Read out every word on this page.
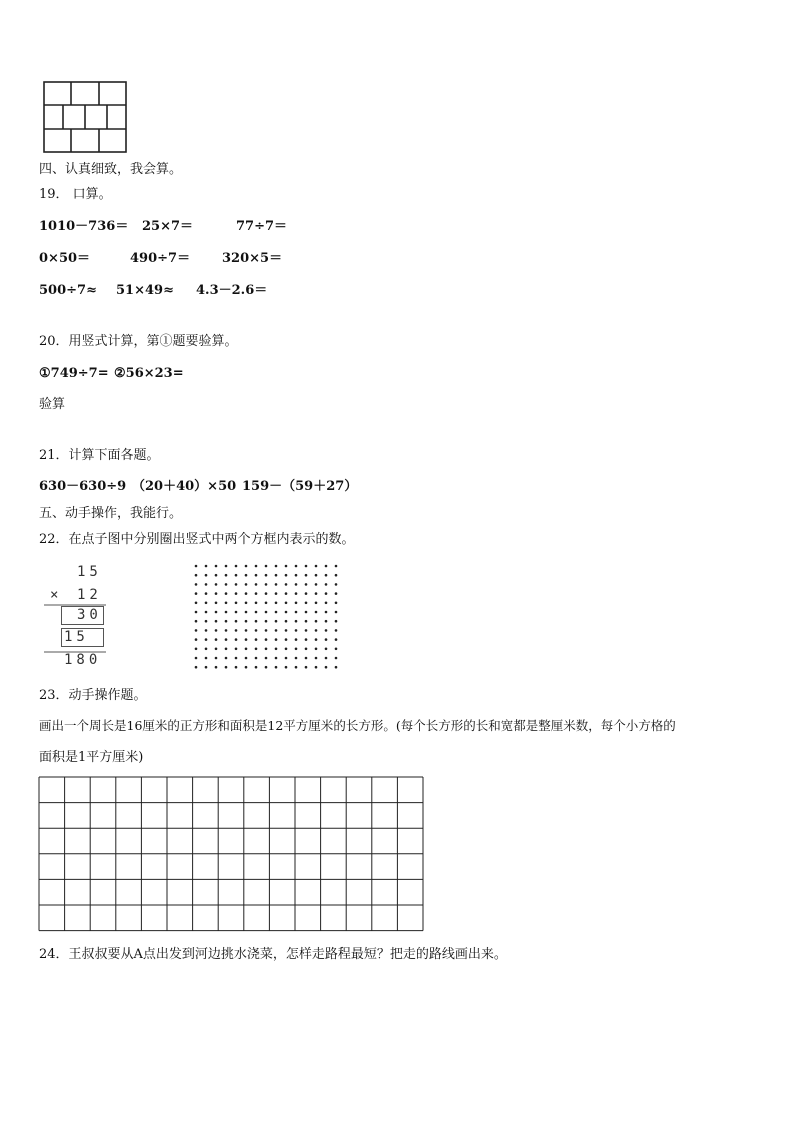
四、认真细致，我会算。
19． 口算。
1010－736＝ 25×7＝	77÷7＝
0×50＝	490÷7＝ 320×5＝
500÷7≈ 51×49≈ 4.3－2.6＝
20．用竖式计算，第①题要验算。
①749÷7= ②56×23=
验算
21．计算下面各题。
630－630÷9 （20＋40）×50 159－（59＋27）
五、动手操作，我能行。
22．在点子图中分别圈出竖式中两个方框内表示的数。
15
× 12
30
15
180
23．动手操作题。
画出一个周长是16厘米的正方形和面积是12平方厘米的长方形。(每个长方形的长和宽都是整厘米数，每个小方格的
面积是1平方厘米)
24．王叔叔要从A点出发到河边挑水浇菜，怎样走路程最短？把走的路线画出来。
